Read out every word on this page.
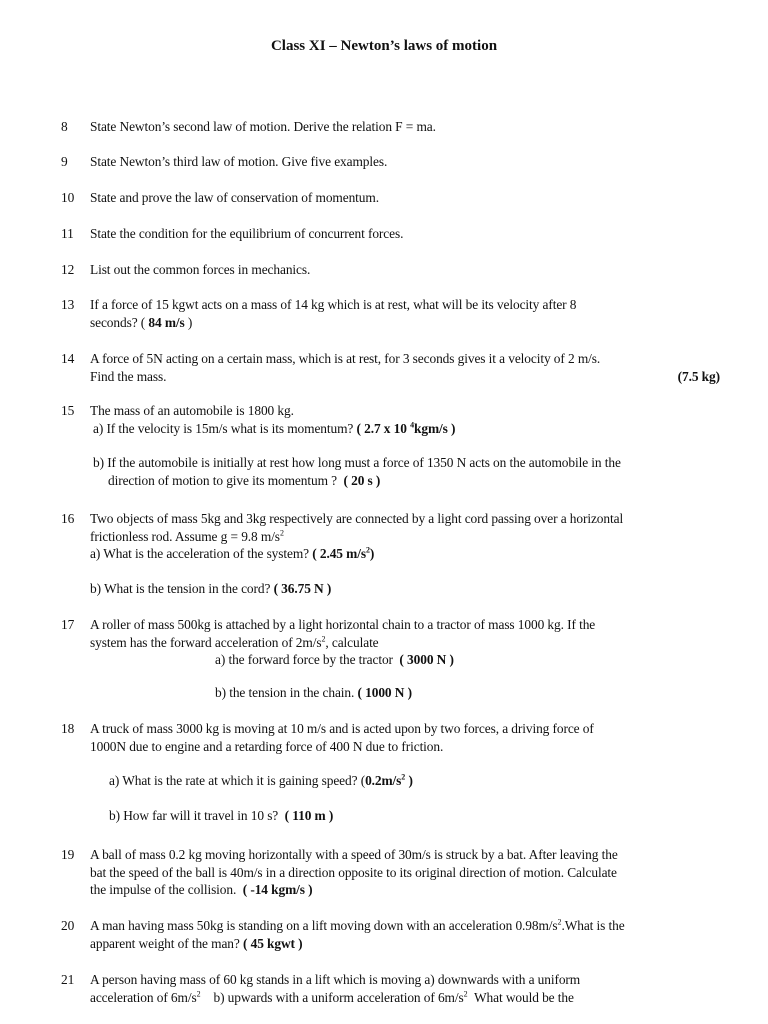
Class XI – Newton’s laws of motion
8	State Newton’s second law of motion. Derive the relation F = ma.
9	State Newton’s third law of motion. Give five examples.
10	State and prove the law of conservation of momentum.
11	State the condition for the equilibrium of concurrent forces.
12	List out the common forces in mechanics.
13	If a force of 15 kgwt acts on a mass of 14 kg which is at rest, what will be its velocity after 8
seconds? ( 84 m/s )
14	A force of 5N acting on a certain mass, which is at rest, for 3 seconds gives it a velocity of 2 m/s.
Find the mass.	(7.5 kg)
15	The mass of an automobile is 1800 kg.
a) If the velocity is 15m/s what is its momentum? ( 2.7 x 10 $^4$kgm/s )
b) If the automobile is initially at rest how long must a force of 1350 N acts on the automobile in the
direction of motion to give its momentum ? ( 20 s )
16	Two objects of mass 5kg and 3kg respectively are connected by a light cord passing over a horizontal
frictionless rod. Assume g = 9.8 $m/s^2$
a) What is the acceleration of the system? ( 2.45 $m/s^2$)
b) What is the tension in the cord? ( 36.75 N )
17	A roller of mass 500kg is attached by a light horizontal chain to a tractor of mass 1000 kg. If the
system has the forward acceleration of $2m/s^2$, calculate
a) the forward force by the tractor ( 3000 N )
b) the tension in the chain. ( 1000 N )
18	A truck of mass 3000 kg is moving at 10 m/s and is acted upon by two forces, a driving force of
1000N due to engine and a retarding force of 400 N due to friction.
a) What is the rate at which it is gaining speed? ($0.2m/s^2$ )
b) How far will it travel in 10 s? ( 110 m )
19	A ball of mass 0.2 kg moving horizontally with a speed of 30m/s is struck by a bat. After leaving the
bat the speed of the ball is 40m/s in a direction opposite to its original direction of motion. Calculate
the impulse of the collision. ( -14 kgm/s )
20	A man having mass 50kg is standing on a lift moving down with an acceleration $0.98m/s^2.What$ is the
apparent weight of the man? ( 45 kgwt )
21	A person having mass of 60 kg stands in a lift which is moving a) downwards with a uniform
acceleration of $6m/s^2$ b) upwards with a uniform acceleration of $6m/s^2$ What would be the
